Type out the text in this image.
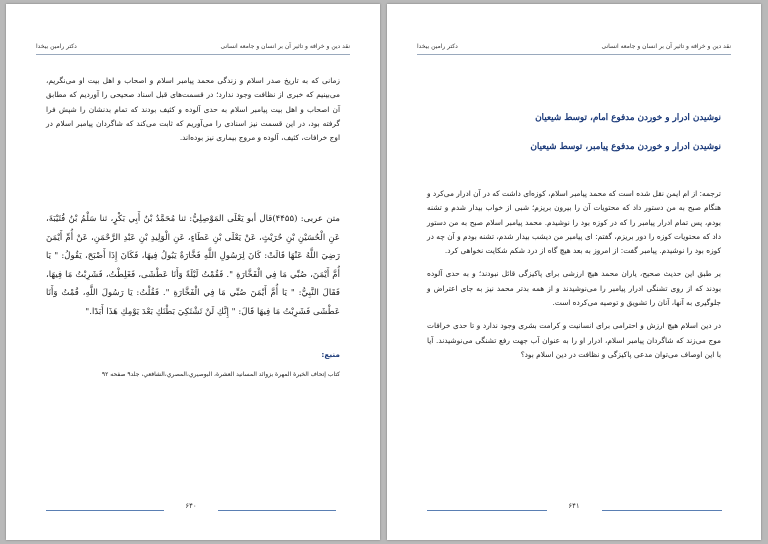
نقد دین و خرافه و تاثیر آن بر انسان و جامعه انسانی
دکتر رامین بیخدا

زمانی که به تاریخ صدر اسلام و زندگی محمد پیامبر اسلام و اصحاب و اهل بیت او می‌نگریم، می‌بینیم که خبری از نظافت وجود ندارد؛ در قسمت‌های قبل اسناد صحیحی را آوردیم که مطابق آن اصحاب و اهل بیت پیامبر اسلام به حدی آلوده و کثیف بودند که تمام بدنشان را شپش فرا گرفته بود، در این قسمت نیز اسنادی را می‌آوریم که ثابت می‌کند که شاگردان پیامبر اسلام در اوج خرافات، کثیف، آلوده و مروج بیماری نیز بوده‌اند.

متن عربی: (۴۴۵۵)قال أبو يَعْلَى المَوْصِلِيُّ: ثنا مُحَمَّدُ بْنُ أَبِي بَكْرٍ، ثنا سَلْمُ بْنُ قُتَيْبَةَ، عَنِ الْحُسَيْنِ بْنِ حُرَيْثٍ، عَنْ يَعْلَى بْنِ عَطَاءٍ، عَنِ الْوَلِيدِ بْنِ عَبْدِ الرَّحْمَنِ، عَنْ أُمِّ أَيْمَنَ رَضِيَ اللَّهُ عَنْهَا قَالَتْ: كَانَ لِرَسُولِ اللَّهِ فَخَّارَةٌ يَبُولُ فِيهَا، فَكَانَ إِذَا أَصْبَحَ، يَقُولُ: " يَا أُمَّ أَيْمَنَ، صُبِّي مَا فِي الْفَخَّارَةِ ". فَقُمْتُ لَيْلَةً وَأَنَا عَطْشَى، فَغَلِطْتُ، فَشَرِبْتُ مَا فِيهَا، فَقَالَ النَّبِيُّ: " يَا أُمَّ أَيْمَنَ صُبِّي مَا فِي الْفَخَّارَةِ ". فَقُلْتُ: يَا رَسُولَ اللَّهِ، قُمْتُ وَأَنَا عَطْشَى فَشَرِبْتُ مَا فِيهَا قَالَ: " إِنَّكِ لَنْ تَشْتَكِيَ بَطْنَكِ بَعْدَ يَوْمِكِ هَذَا أَبَدًا."

منبع:
کتاب إتحاف الخيرة المهرة بزوائد المسانيد العشرة، البوصيري،المصري،الشافعي، جلد۹ صفحه ۹۲
۶۴۰
نقد دین و خرافه و تاثیر آن بر انسان و جامعه انسانی
دکتر رامین بیخدا
نوشیدن ادرار و خوردن مدفوع امام، توسط شیعیان
نوشیدن ادرار و خوردن مدفوع پیامبر، توسط شیعیان

ترجمه: از ام ایمن نقل شده است که محمد پیامبر اسلام، کوزه‌ای داشت که در آن ادرار می‌کرد و هنگام صبح به من دستور داد که محتویات آن را بیرون بریزم؛ شبی از خواب بیدار شدم و تشنه بودم، پس تمام ادرار پیامبر را که در کوزه بود را نوشیدم. محمد پیامبر اسلام صبح به من دستور داد که محتویات کوزه را دور بریزم، گفتم: ای پیامبر من دیشب بیدار شدم، تشنه بودم و آن چه در کوزه بود را نوشیدم. پیامبر گفت: از امروز به بعد هیچ گاه از درد شکم شکایت نخواهی کرد.

بر طبق این حدیث صحیح، یاران محمد هیچ ارزشی برای پاکیزگی قائل نبودند؛ و به حدی آلوده بودند که از روی تشنگی ادرار پیامبر را می‌نوشیدند و از همه بدتر محمد نیز به جای اعتراض و جلوگیری به آنها، آنان را تشویق و توصیه می‌کرده است.

در دین اسلام هیچ ارزش و احترامی برای انسانیت و کرامت بشری وجود ندارد و تا حدی خرافات موج می‌زند که شاگردان پیامبر اسلام، ادرار او را به عنوان آب جهت رفع تشنگی می‌نوشیدند. آیا با این اوصاف می‌توان مدعی پاکیزگی و نظافت در دین اسلام بود؟

۶۴۱
